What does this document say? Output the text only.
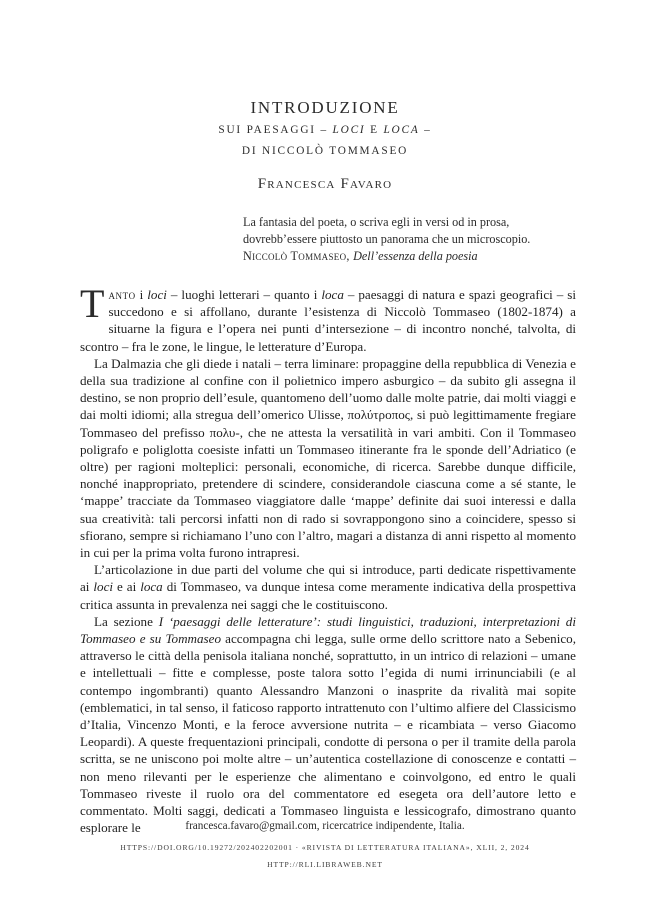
INTRODUZIONE
SUI PAESAGGI – LOCI E LOCA –
DI NICCOLÒ TOMMASEO
Francesca Favaro
La fantasia del poeta, o scriva egli in versi od in prosa,
dovrebb’essere piuttosto un panorama che un microscopio.
Niccolò Tommaseo, Dell’essenza della poesia

Tanto i loci – luoghi letterari – quanto i loca – paesaggi di natura e spazi geografici – si succedono e si affollano, durante l’esistenza di Niccolò Tommaseo (1802-1874) a situarne la figura e l’opera nei punti d’intersezione – di incontro nonché, talvolta, di scontro – fra le zone, le lingue, le letterature d’Europa.

La Dalmazia che gli diede i natali – terra liminare: propaggine della repubblica di Venezia e della sua tradizione al confine con il polietnico impero asburgico – da subito gli assegna il destino, se non proprio dell’esule, quantomeno dell’uomo dalle molte patrie, dai molti viaggi e dai molti idiomi; alla stregua dell’omerico Ulisse, πολύτροπος, si può legittimamente fregiare Tommaseo del prefisso πολυ-, che ne attesta la versatilità in vari ambiti. Con il Tommaseo poligrafo e poliglotta coesiste infatti un Tommaseo itinerante fra le sponde dell’Adriatico (e oltre) per ragioni molteplici: personali, economiche, di ricerca. Sarebbe dunque difficile, nonché inappropriato, pretendere di scindere, considerandole ciascuna come a sé stante, le ‘mappe’ tracciate da Tommaseo viaggiatore dalle ‘mappe’ definite dai suoi interessi e dalla sua creatività: tali percorsi infatti non di rado si sovrappongono sino a coincidere, spesso si sfiorano, sempre si richiamano l’uno con l’altro, magari a distanza di anni rispetto al momento in cui per la prima volta furono intrapresi.

L’articolazione in due parti del volume che qui si introduce, parti dedicate rispettivamente ai loci e ai loca di Tommaseo, va dunque intesa come meramente indicativa della prospettiva critica assunta in prevalenza nei saggi che le costituiscono.

La sezione I ‘paesaggi delle letterature’: studi linguistici, traduzioni, interpretazioni di Tommaseo e su Tommaseo accompagna chi legga, sulle orme dello scrittore nato a Sebenico, attraverso le città della penisola italiana nonché, soprattutto, in un intrico di relazioni – umane e intellettuali – fitte e complesse, poste talora sotto l’egida di numi irrinunciabili (e al contempo ingombranti) quanto Alessandro Manzoni o inasprite da rivalità mai sopite (emblematici, in tal senso, il faticoso rapporto intrattenuto con l’ultimo alfiere del Classicismo d’Italia, Vincenzo Monti, e la feroce avversione nutrita – e ricambiata – verso Giacomo Leopardi). A queste frequentazioni principali, condotte di persona o per il tramite della parola scritta, se ne uniscono poi molte altre – un’autentica costellazione di conoscenze e contatti – non meno rilevanti per le esperienze che alimentano e coinvolgono, ed entro le quali Tommaseo riveste il ruolo ora del commentatore ed esegeta ora dell’autore letto e commentato. Molti saggi, dedicati a Tommaseo linguista e lessicografo, dimostrano quanto esplorare le	francesca.favaro@gmail.com, ricercatrice indipendente, Italia.
HTTPS://DOI.ORG/10.19272/202402202001 · «RIVISTA DI LETTERATURA ITALIANA», XLII, 2, 2024
HTTP://RLI.LIBRAWEB.NET
